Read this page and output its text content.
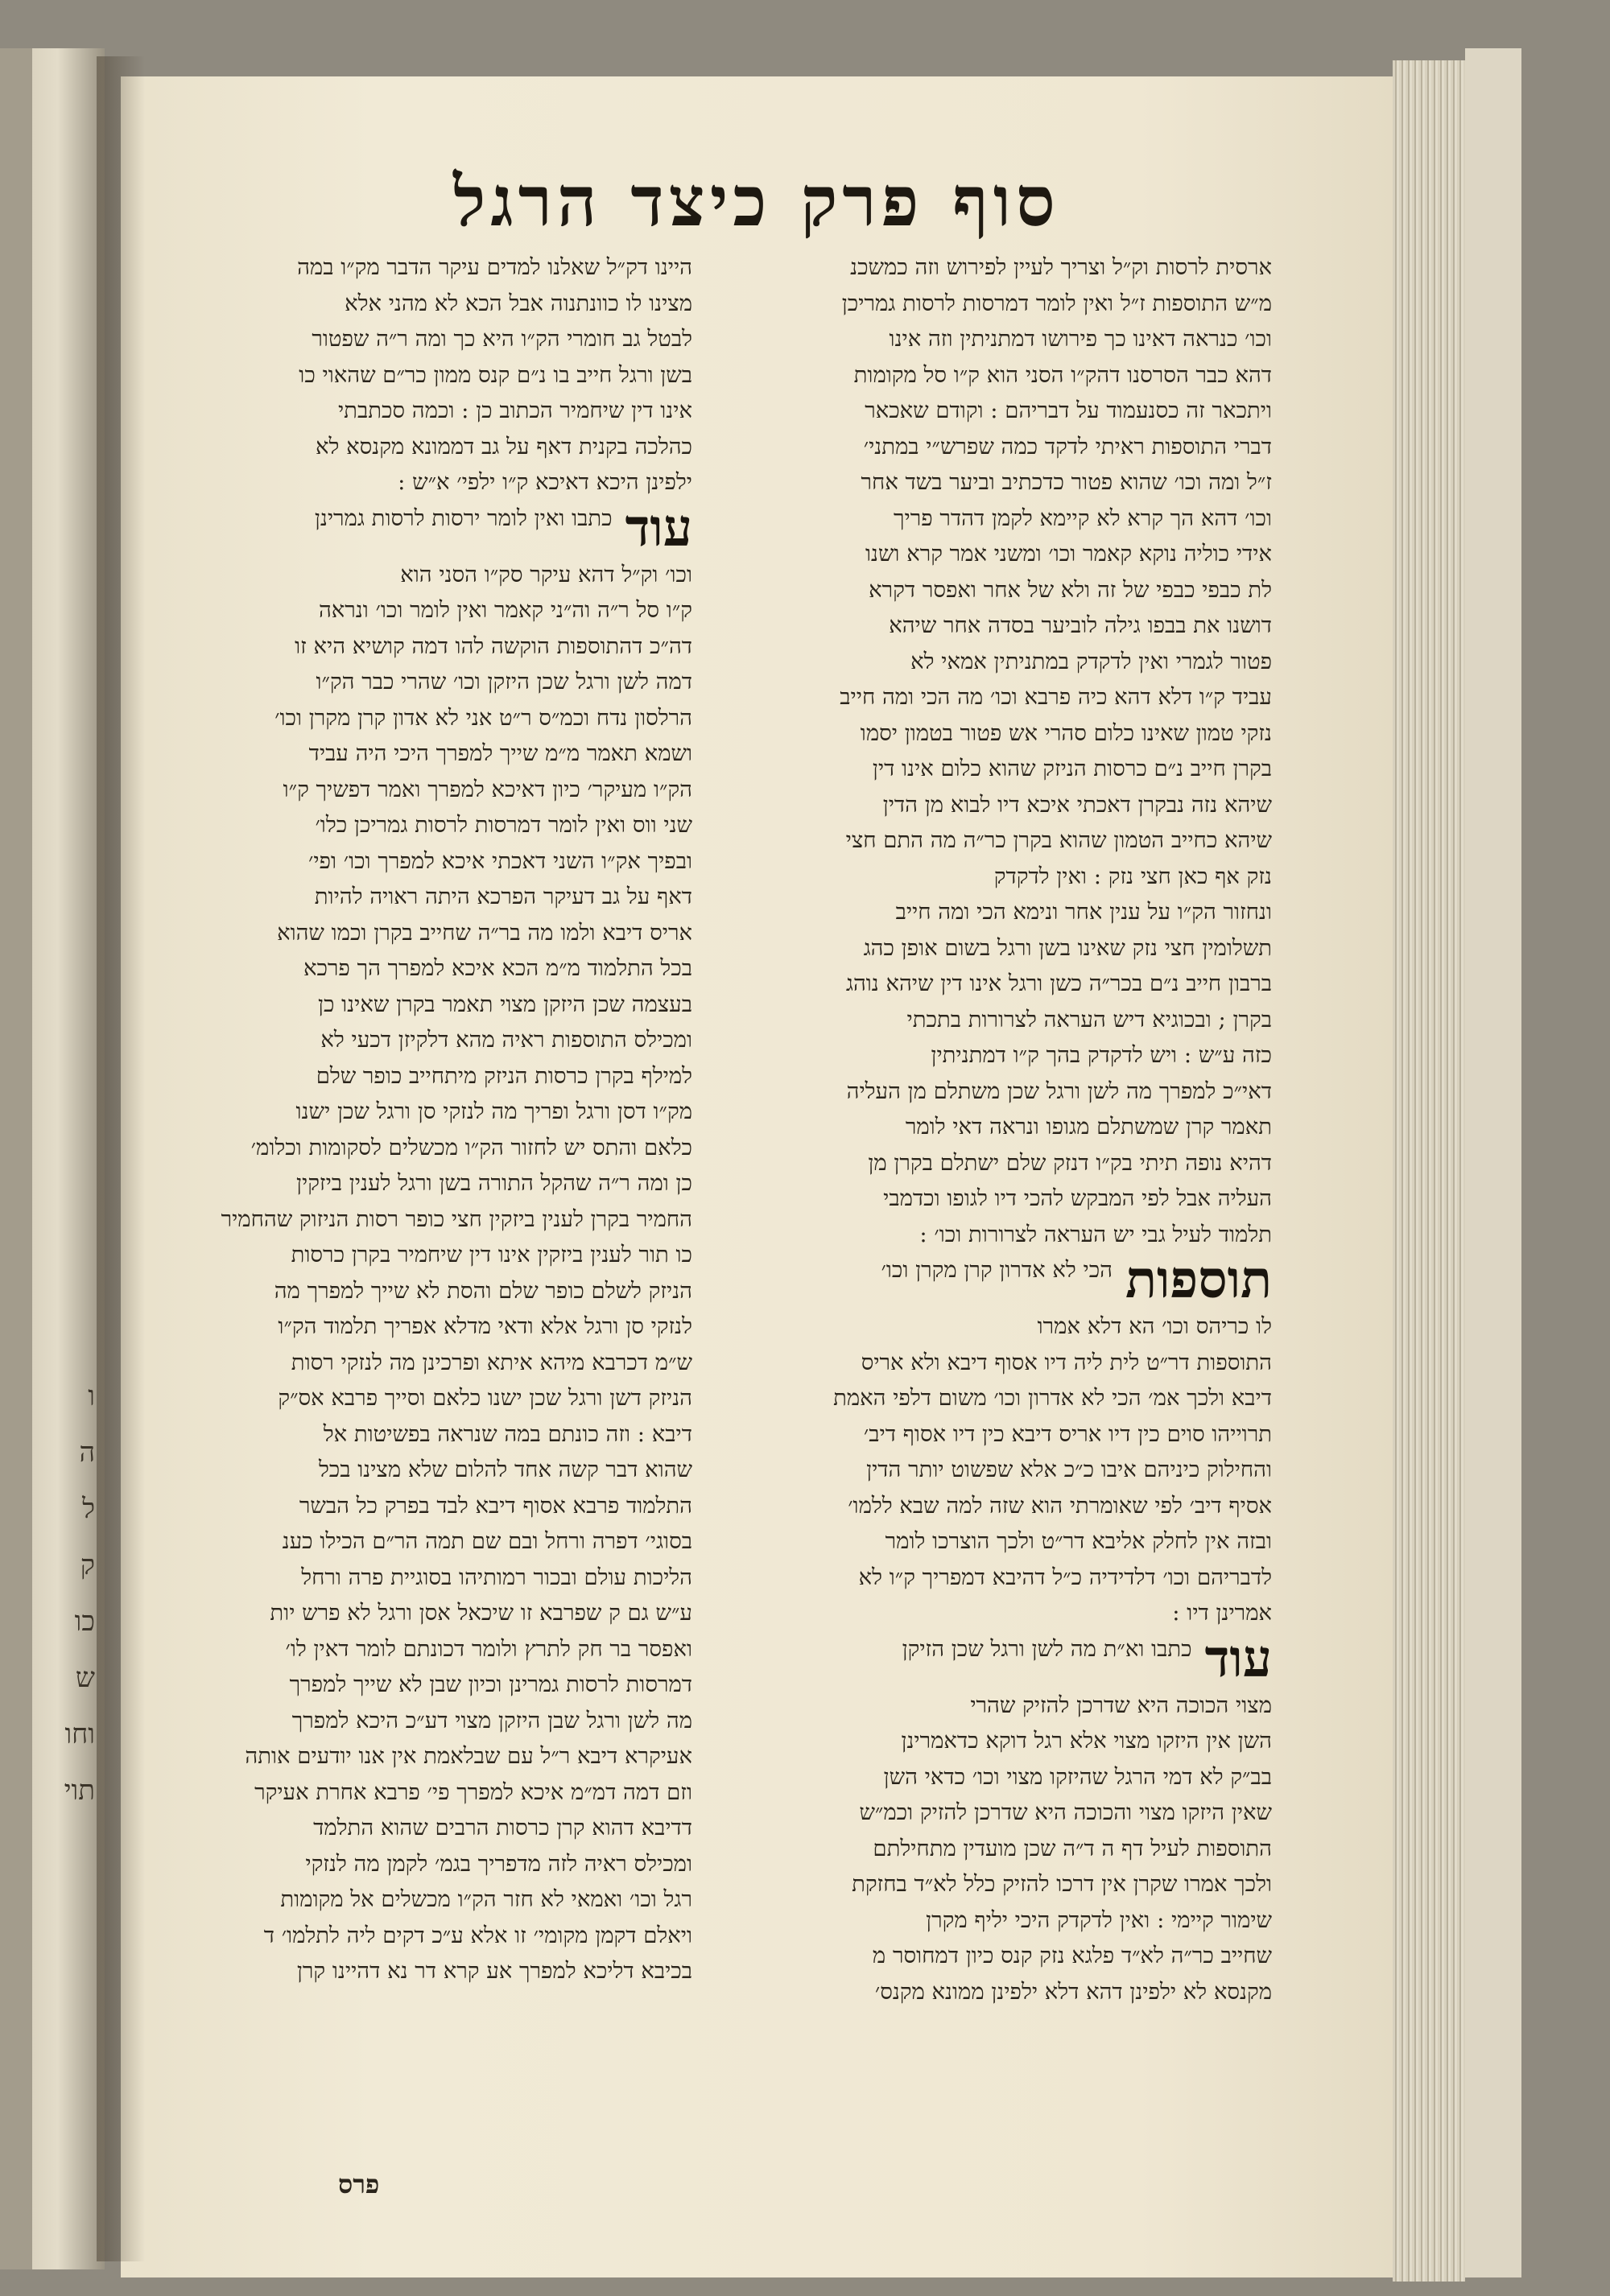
ו
ה
ל
ק
כו
ש
וחו
תוי
סוף פרק כיצד הרגל
ארסית לרסות וק״ל וצריך לעיין לפירוש וזה כמשכנ
מ״ש התוספות ז״ל ואין לומר דמרסות לרסות גמריכן
וכו׳ כנראה דאינו כך פירושו דמתניתין וזה אינו
דהא כבר הסרסנו דהק״ו הסני הוא ק״ו סל מקומות
ויתכאר זה כסנעמוד על דבריהם : וקודם שאכאר
דברי התוספות ראיתי לדקד כמה שפרש״י במתני׳
ז״ל ומה וכו׳ שהוא פטור כדכתיב וביער בשד אחר
וכו׳ דהא הך קרא לא קיימא לקמן דהדר פריך
אידי כוליה נוקא קאמר וכו׳ ומשני אמר קרא ושנו
לת כבפי כבפי של זה ולא של אחר ואפסר דקרא
דושנו את בבפו גילה לוביער בסדה אחר שיהא
פטור לגמרי ואין לדקדק במתניתין אמאי לא
עביד ק״ו דלא דהא כיה פרבא וכו׳ מה הכי ומה חייב
נזקי טמון שאינו כלום סהרי אש פטור בטמון יסמו
בקרן חייב נ״ם כרסות הניזק שהוא כלום אינו דין
שיהא נזה נבקרן דאכתי איכא דיו לבוא מן הדין
שיהא כחייב הטמון שהוא בקרן כר״ה מה התם חצי
נזק אף כאן חצי נזק : ואין לדקדק
ונחזור הק״ו על ענין אחר ונימא הכי ומה חייב
תשלומין חצי נזק שאינו בשן ורגל בשום אופן כהג
ברבון חייב נ״ם בכר״ה כשן ורגל אינו דין שיהא נוהג
בקרן ; ובכוגיא דיש העראה לצרורות בתכתי
כזה ע״ש : ויש לדקדק בהך ק״ו דמתניתין
דאי״כ למפרך מה לשן ורגל שכן משתלם מן העליה
תאמר קרן שמשתלם מגופו ונראה דאי לומר
דהיא נופה תיתי בק״ו דנזק שלם ישתלם בקרן מן
העליה אבל לפי המבקש להכי דיו לגופו וכדמבי
תלמוד לעיל גבי יש העראה לצרורות וכו׳ :
תוספות
הכי לא אדרון קרן מקרן וכו׳
לו כריהס וכו׳ הא דלא אמרו
התוספות דר״ט לית ליה דיו אסוף דיבא ולא אריס
דיבא ולכך אמ׳ הכי לא אדרון וכו׳ משום דלפי האמת
תרוייהו סוים כין דיו אריס דיבא כין דיו אסוף דיב׳
והחילוק כיניהם איבו כ״כ אלא שפשוט יותר הדין
אסיף דיב׳ לפי שאומרתי הוא שזה למה שבא ללמו׳
ובזה אין לחלק אליבא דר״ט ולכך הוצרכו לומר
לדבריהם וכו׳ דלדידיה כ״ל דהיבא דמפריך ק״ו לא
אמרינן דיו :
עוד
כתבו וא״ת מה לשן ורגל שכן הזיקן
מצוי הכוכה היא שדרכן להזיק שהרי
השן אין היזקו מצוי אלא רגל דוקא כדאמרינן
בב״ק לא דמי הרגל שהיזקו מצוי וכו׳ כדאי השן
שאין היזקו מצוי והכוכה היא שדרכן להזיק וכמ״ש
התוספות לעיל דף ה ד״ה שכן מועדין מתחילתם
ולכך אמרו שקרן אין דרכו להזיק כלל לא״ד בחזקת
שימור קיימי : ואין לדקדק היכי יליף מקרן
שחייב כר״ה לא״ד פלגא נזק קנס כיון דמחוסר מ
מקנסא לא ילפינן דהא דלא ילפינן ממונא מקנס׳
היינו דק״ל שאלנו למדים עיקר הדבר מק״ו במה
מצינו לו כוונתנוה אבל הכא לא מהני אלא
לבטל גב חומרי הק״ו היא כך ומה ר״ה שפטור
בשן ורגל חייב בו נ״ם קנס ממון כר״ם שהאוי כו
אינו דין שיחמיר הכתוב כן : וכמה סכתבתי
כהלכה בקנית דאף על גב דממונא מקנסא לא
ילפינן היכא דאיכא ק״ו ילפי׳ א״ש :
עוד
כתבו ואין לומר ירסות לרסות גמרינן
וכו׳ וק״ל דהא עיקר סק״ו הסני הוא
ק״ו סל ר״ה וה״ני קאמר ואין לומר וכו׳ ונראה
דה״כ דהתוספות הוקשה להו דמה קושיא היא זו
דמה לשן ורגל שכן היזקן וכו׳ שהרי כבר הק״ו
הרלסון נדח וכמ״ס ר״ט אני לא אדון קרן מקרן וכו׳
ושמא תאמר מ״מ שייך למפרך היכי היה עביד
הק״ו מעיקר׳ כיון דאיכא למפרך ואמר דפשיך ק״ו
שני ווס ואין לומר דמרסות לרסות גמריכן כלו׳
ובפיך אק״ו השני דאכתי איכא למפרך וכו׳ ופי׳
דאף על גב דעיקר הפרכא היתה ראויה להיות
אריס דיבא ולמו מה בר״ה שחייב בקרן וכמו שהוא
בכל התלמוד מ״מ הכא איכא למפרך הך פרכא
בעצמה שכן היזקן מצוי תאמר בקרן שאינו כן
ומכילס התוספות ראיה מהא דלקיזן דכעי לא
למילף בקרן כרסות הניזק מיתחייב כופר שלם
מק״ו דסן ורגל ופריך מה לנזקי סן ורגל שכן ישנו
כלאם והתס יש לחזור הק״ו מכשלים לסקומות וכלומ׳
כן ומה ר״ה שהקל התורה בשן ורגל לענין ביזקין
החמיר בקרן לענין ביזקין חצי כופר רסות הניזוק שהחמיר
כו תור לענין ביזקין אינו דין שיחמיר בקרן כרסות
הניזק לשלם כופר שלם והסת לא שייך למפרך מה
לנזקי סן ורגל אלא ודאי מדלא אפריך תלמוד הק״ו
ש״מ דכרבא מיהא איתא ופרכינן מה לנזקי רסות
הניזק דשן ורגל שכן ישנו כלאם וסייך פרבא אס״ק
דיבא : וזה כונתם במה שנראה בפשיטות אל
שהוא דבר קשה אחד להלום שלא מצינו בכל
התלמוד פרבא אסוף דיבא לבד בפרק כל הבשר
בסוגי׳ דפרה ורחל ובם שם תמה הר״ם הכילו כענ
הליכות עולם ובכור רמותיהו בסוגיית פרה ורחל
ע״ש גם ק שפרבא זו שיכאל אסן ורגל לא פרש יות
ואפסר בר חק לתרץ ולומר דכונתם לומר דאין לו׳
דמרסות לרסות גמרינן וכיון שבן לא שייך למפרך
מה לשן ורגל שבן היזקן מצוי דע״כ היכא למפרך
אעיקרא דיבא ר״ל עם שבלאמת אין אנו יודעים אותה
וזם דמה דמ״מ איכא למפרך פי׳ פרבא אחרת אעיקר
דדיבא דהוא קרן כרסות הרבים שהוא התלמד
ומכילס ראיה לזה מדפריך בגמ׳ לקמן מה לנזקי
רגל וכו׳ ואמאי לא חזר הק״ו מכשלים אל מקומות
ויאלם דקמן מקומי׳ זו אלא ע״כ דקים ליה לתלמו׳ ד
בכיבא דליכא למפרך אע קרא דר נא דהיינו קרן
פרס
